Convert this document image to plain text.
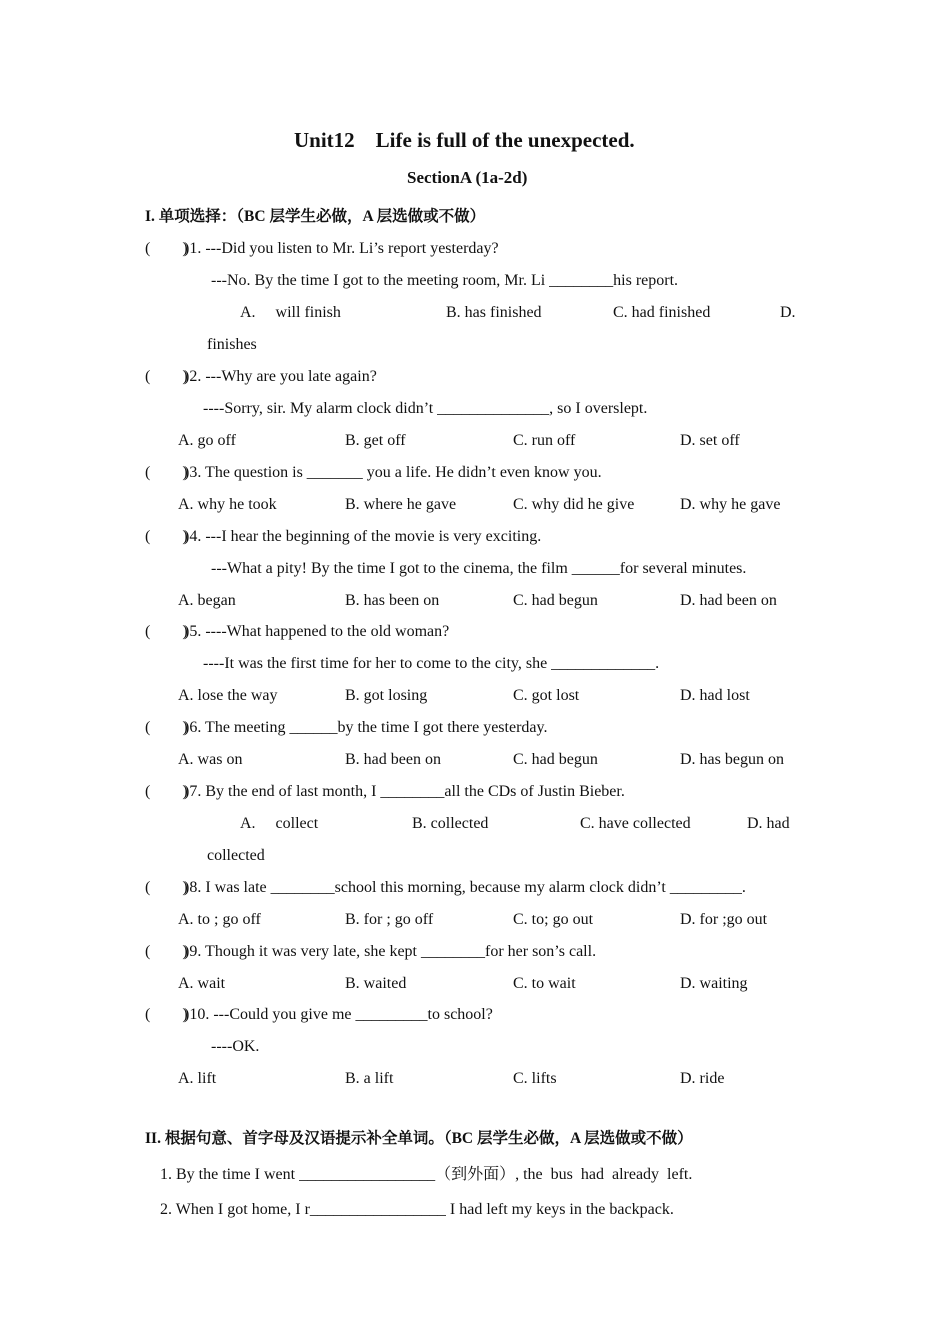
Unit12    Life is full of the unexpected.
SectionA (1a-2d)
I. 单项选择：（BC 层学生必做，A 层选做或不做）
(        )
)1. ---Did you listen to Mr. Li’s report yesterday?
---No. By the time I got to the meeting room, Mr. Li ________his report.
A.     will finish	B. has finished	C. had finished	D.
finishes
(        )
)2. ---Why are you late again?
----Sorry, sir. My alarm clock didn’t ______________, so I overslept.
A. go off	B. get off	C. run off	D. set off
(        )
)3. The question is _______ you a life. He didn’t even know you.
A. why he took	B. where he gave	C. why did he give	D. why he gave
(        )
)4. ---I hear the beginning of the movie is very exciting.
---What a pity! By the time I got to the cinema, the film ______for several minutes.
A. began	B. has been on	C. had begun	D. had been on
(        )
)5. ----What happened to the old woman?
----It was the first time for her to come to the city, she _____________.
A. lose the way	B. got losing	C. got lost	D. had lost
(        )
)6. The meeting ______by the time I got there yesterday.
A. was on	B. had been on	C. had begun	D. has begun on
(        )
)7. By the end of last month, I ________all the CDs of Justin Bieber.
A.     collect	B. collected	C. have collected	D. had
collected
(        )
)8. I was late ________school this morning, because my alarm clock didn’t _________.
A. to ; go off	B. for ; go off	C. to; go out	D. for ;go out
(        )
)9. Though it was very late, she kept ________for her son’s call.
A. wait	B. waited	C. to wait	D. waiting
(        )
)10. ---Could you give me _________to school?
----OK.
A. lift	B. a lift	C. lifts	D. ride
II. 根据句意、首字母及汉语提示补全单词。（BC 层学生必做，A 层选做或不做）
1. By the time I went _________________（到外面）, the  bus  had  already  left.
2. When I got home, I r_________________ I had left my keys in the backpack.
